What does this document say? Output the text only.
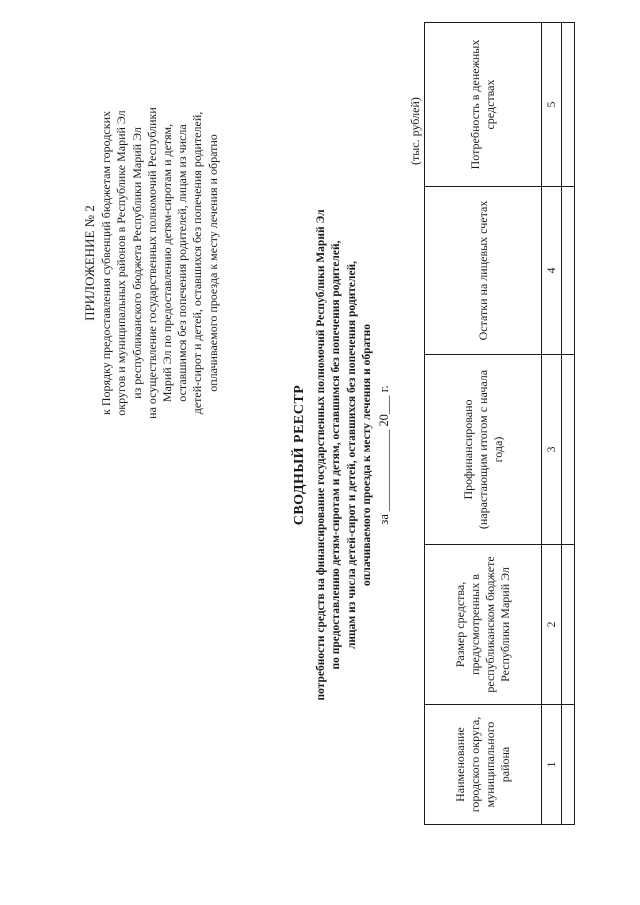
ПРИЛОЖЕНИЕ № 2 к Порядку предоставления субвенций бюджетам городских округов и муниципальных районов в Республике Марий Эл из республиканского бюджета Республики Марий Эл на осуществление государственных полномочий Республики Марий Эл по предоставлению детям-сиротам и детям, оставшимся без попечения родителей, лицам из числа детей-сирот и детей, оставшихся без попечения родителей, оплачиваемого проезда к месту лечения и обратно

СВОДНЫЙ РЕЕСТР потребности средств на финансирование государственных полномочий Республики Марий Эл по предоставлению детям-сиротам и детям, оставшимся без попечения родителей, лицам из числа детей-сирот и детей, оставшихся без попечения родителей, оплачиваемого проезда к месту лечения и обратно за _____________ 20___ г.
(тыс. рублей)
Наименование городского округа, муниципального района	Размер средства, предусмотренных в республиканском бюджете Республики Марий Эл	Профинансировано (нарастающим итогом с начала года)	Остатки на лицевых счетах	Потребность в денежных средствах
1	2	3	4	5
